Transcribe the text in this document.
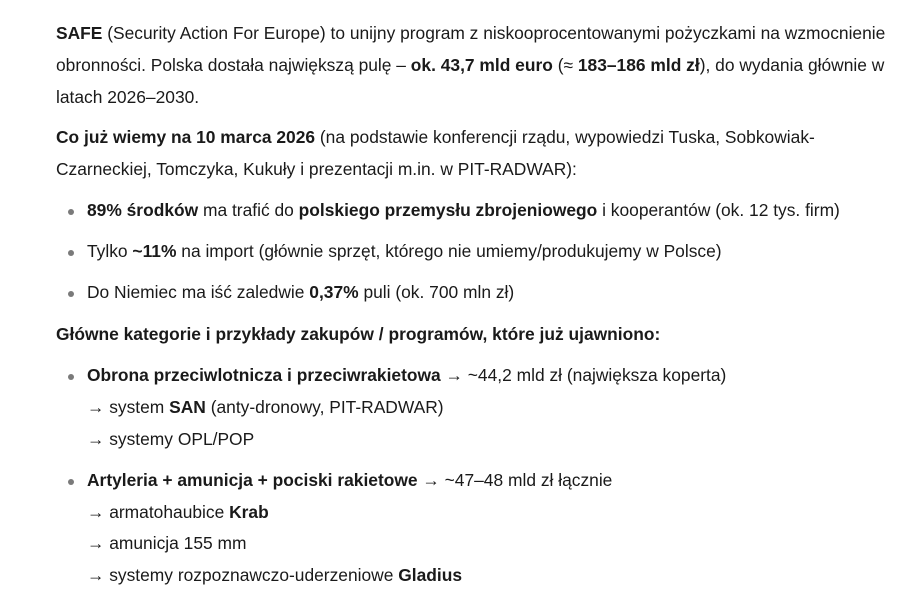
SAFE (Security Action For Europe) to unijny program z niskooprocentowanymi pożyczkami na wzmocnienie obronności. Polska dostała największą pulę – ok. 43,7 mld euro (≈ 183–186 mld zł), do wydania głównie w latach 2026–2030.

Co już wiemy na 10 marca 2026 (na podstawie konferencji rządu, wypowiedzi Tuska, Sobkowiak-Czarneckiej, Tomczyka, Kukuły i prezentacji m.in. w PIT-RADWAR):

89% środków ma trafić do polskiego przemysłu zbrojeniowego i kooperantów (ok. 12 tys. firm)
Tylko ~11% na import (głównie sprzęt, którego nie umiemy/produkujemy w Polsce)
Do Niemiec ma iść zaledwie 0,37% puli (ok. 700 mln zł)

Główne kategorie i przykłady zakupów / programów, które już ujawniono:

Obrona przeciwlotnicza i przeciwrakietowa → ~44,2 mld zł (największa koperta)
→ system SAN (anty-dronowy, PIT-RADWAR)
→ systemy OPL/POP
Artyleria + amunicja + pociski rakietowe → ~47–48 mld zł łącznie
→ armatohaubice Krab
→ amunicja 155 mm
→ systemy rozpoznawczo-uderzeniowe Gladius
